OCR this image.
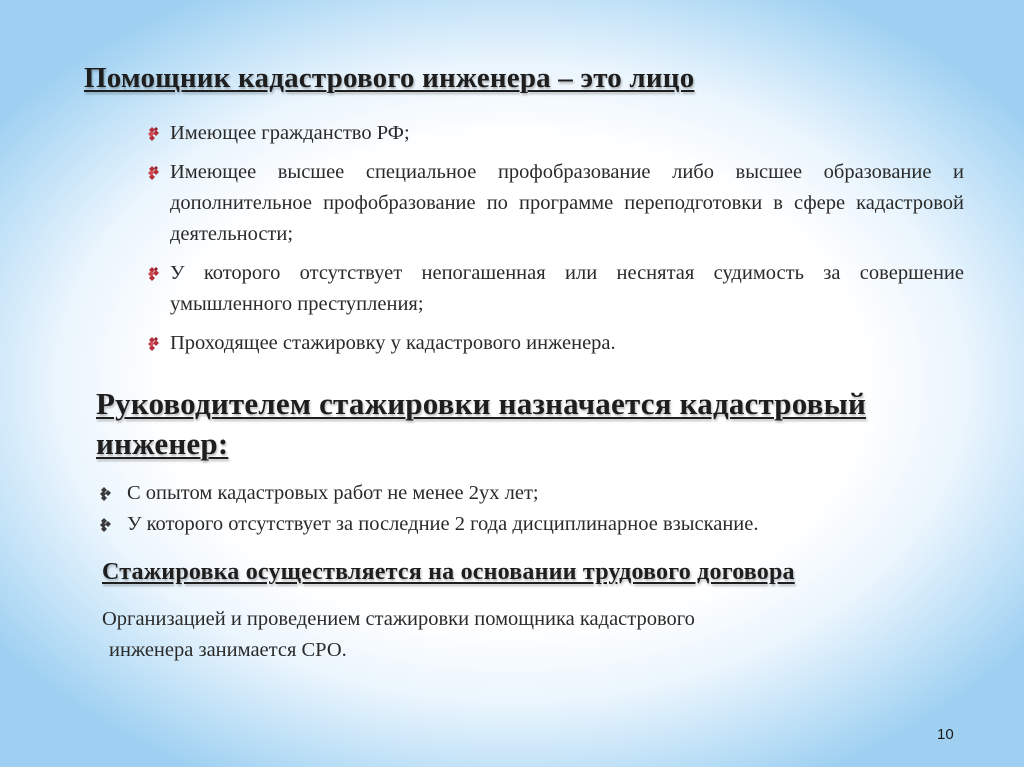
Помощник кадастрового инженера – это лицо
Имеющее гражданство РФ;
Имеющее высшее специальное профобразование либо высшее образование и дополнительное профобразование по программе переподготовки в сфере кадастровой деятельности;
У которого отсутствует непогашенная или неснятая судимость за совершение умышленного преступления;
Проходящее стажировку у кадастрового инженера.
Руководителем стажировки назначается кадастровый инженер:
С опытом кадастровых работ не менее 2ух лет;
У которого отсутствует за последние 2 года дисциплинарное взыскание.
Стажировка осуществляется на основании трудового договора
Организацией и проведением стажировки помощника кадастрового
инженера занимается СРО.
10
